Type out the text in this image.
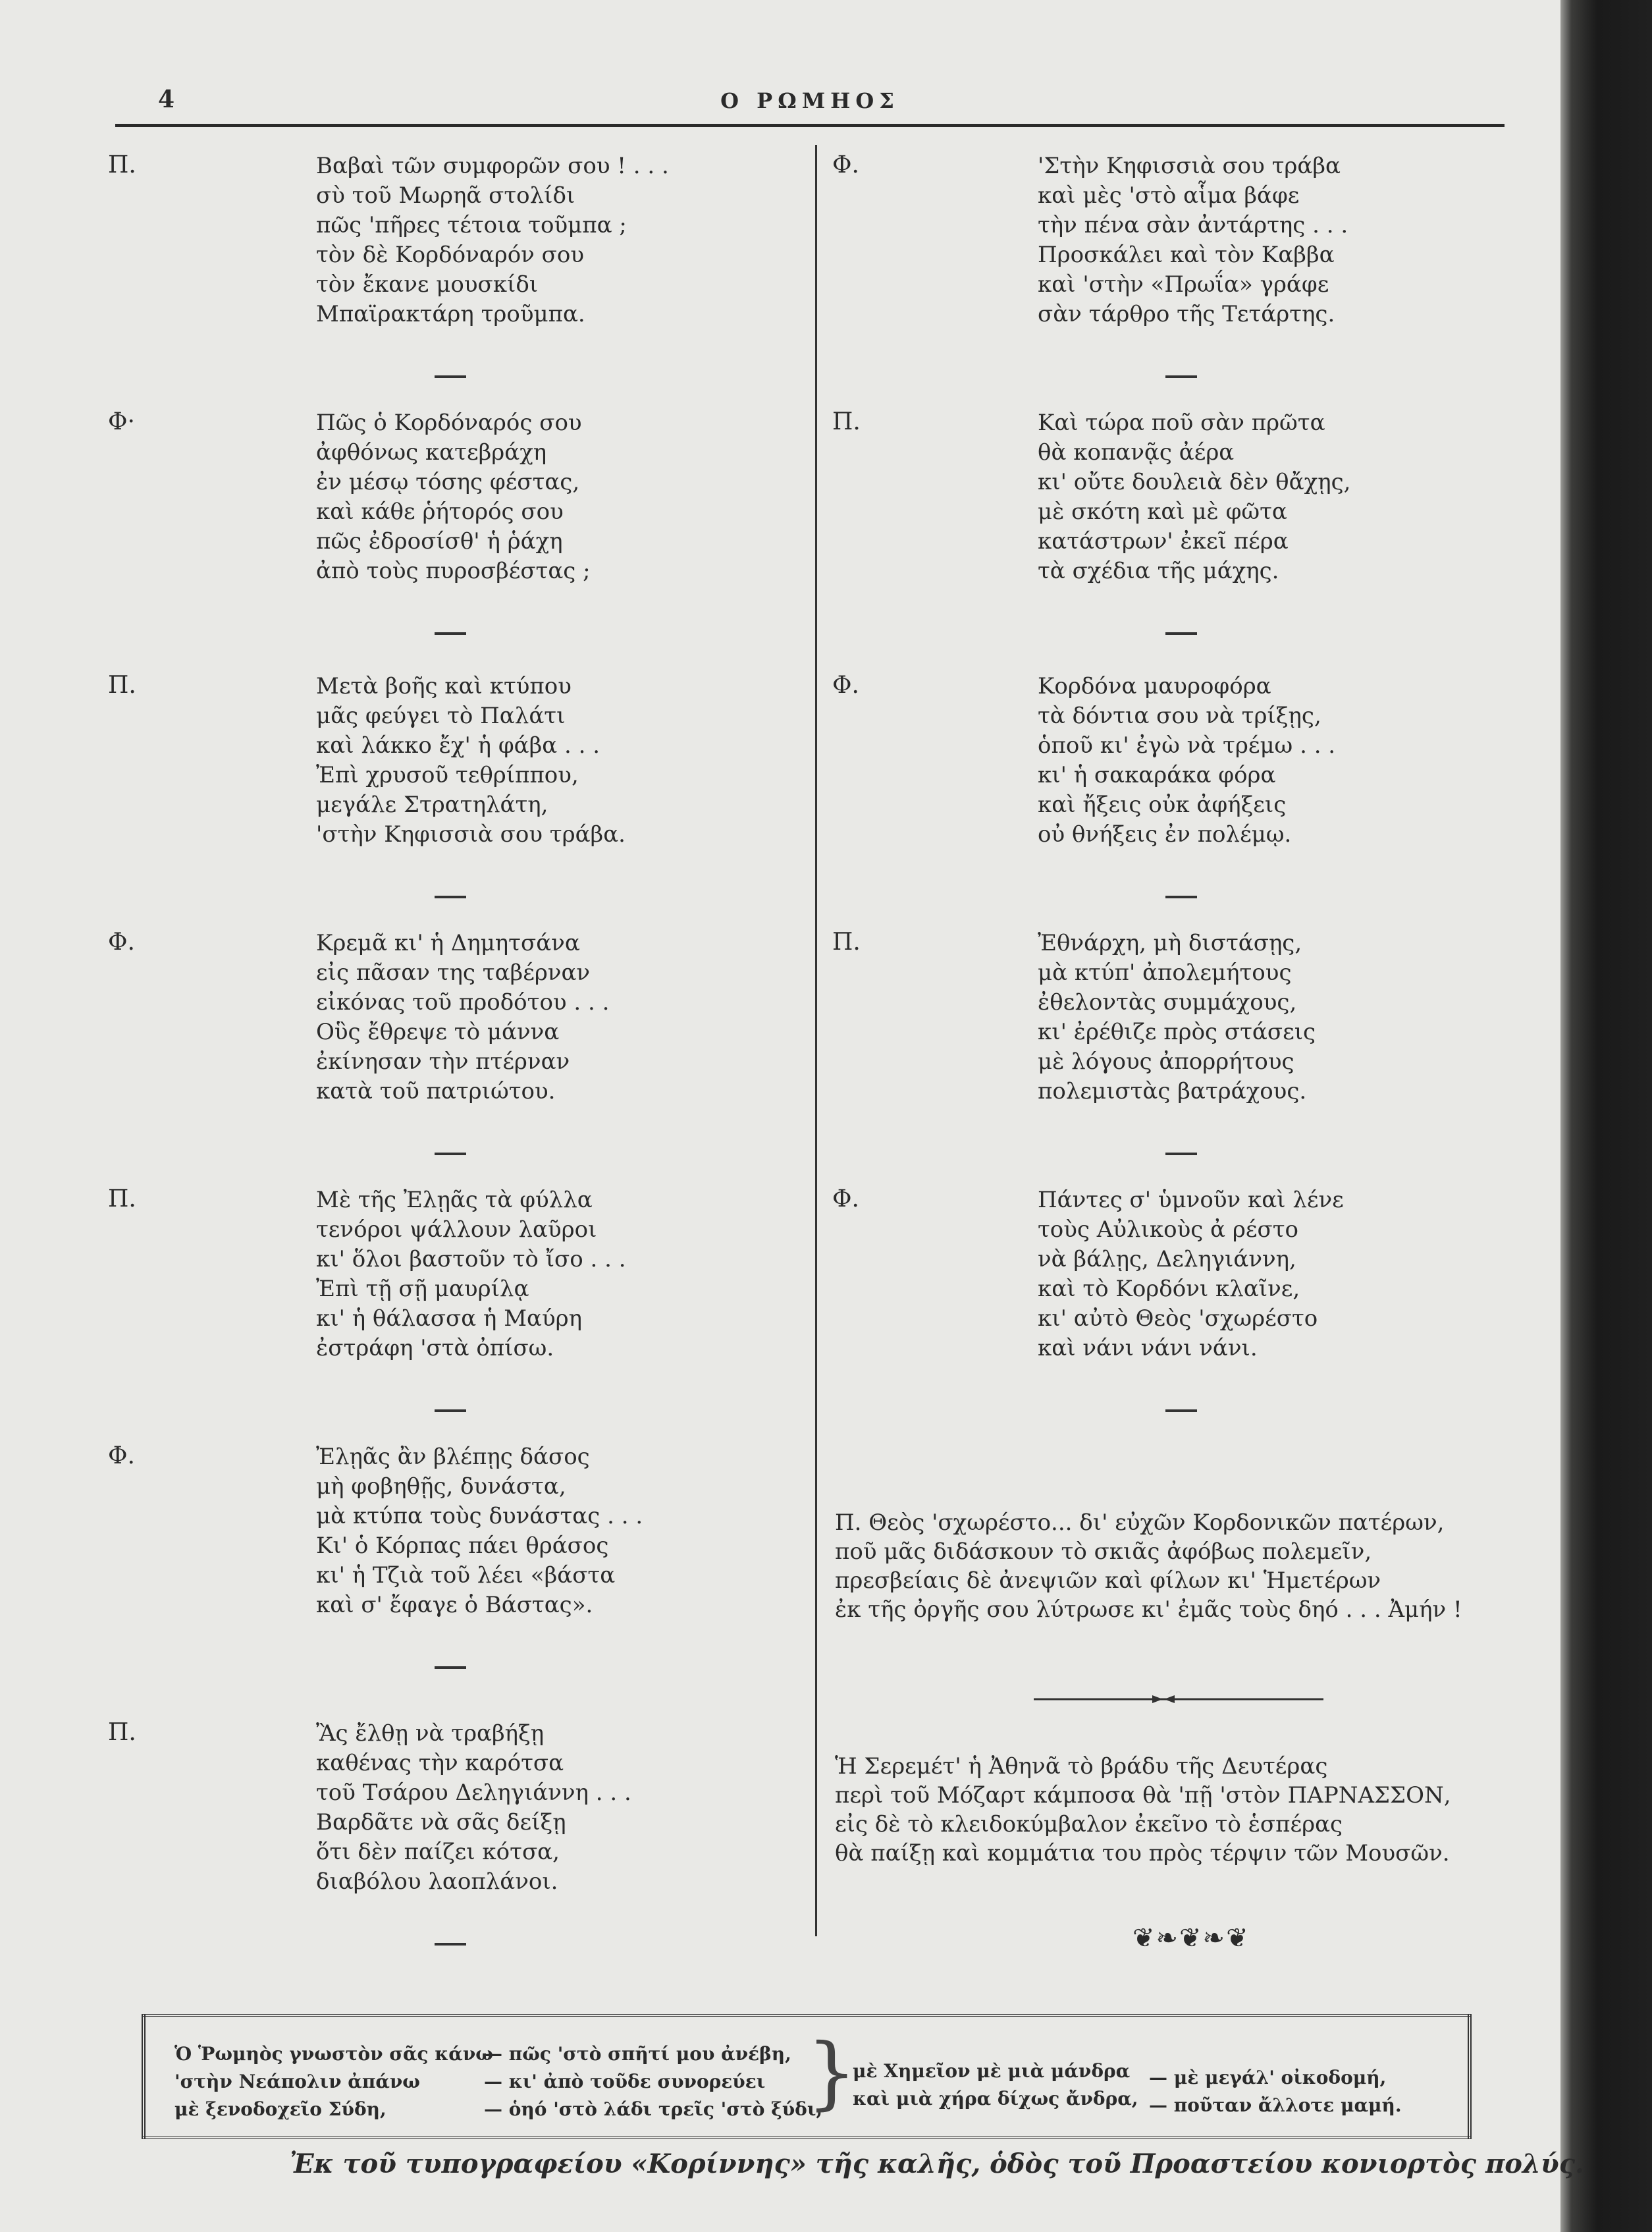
4	Ο ΡΩΜΗΟΣ
Π.	Βαβαὶ τῶν συμφορῶν σου ! . . .
σὺ τοῦ Μωρηᾶ στολίδι
πῶς 'πῆρες τέτοια τοῦμπα ;
τὸν δὲ Κορδόναρόν σου
τὸν ἔκανε μουσκίδι
Μπαϊρακτάρη τροῦμπα.
Φ·	Πῶς ὁ Κορδόναρός σου
ἀφθόνως κατεβράχη
ἐν μέσῳ τόσης φέστας,
καὶ κάθε ῥήτορός σου
πῶς ἐδροσίσθ' ἡ ῥάχη
ἀπὸ τοὺς πυροσβέστας ;
Π.	Μετὰ βοῆς καὶ κτύπου
μᾶς φεύγει τὸ Παλάτι
καὶ λάκκο ἔχ' ἡ φάβα . . .
Ἐπὶ χρυσοῦ τεθρίππου,
μεγάλε Στρατηλάτη,
'στὴν Κηφισσιὰ σου τράβα.
Φ.	Κρεμᾶ κι' ἡ Δημητσάνα
εἰς πᾶσαν της ταβέρναν
εἰκόνας τοῦ προδότου . . .
Οὓς ἔθρεψε τὸ μάννα
ἐκίνησαν τὴν πτέρναν
κατὰ τοῦ πατριώτου.
Π.	Μὲ τῆς Ἐλῃᾶς τὰ φύλλα
τενόροι ψάλλουν λαῦροι
κι' ὅλοι βαστοῦν τὸ ἴσο . . .
Ἐπὶ τῇ σῇ μαυρίλᾳ
κι' ἡ θάλασσα ἡ Μαύρη
ἐστράφη 'στὰ ὀπίσω.
Φ.	Ἐλῃᾶς ἂν βλέπῃς δάσος
μὴ φοβηθῇς, δυνάστα,
μὰ κτύπα τοὺς δυνάστας . . .
Κι' ὁ Κόρπας πάει θράσος
κι' ἡ Τζιὰ τοῦ λέει «βάστα
καὶ σ' ἔφαγε ὁ Βάστας».
Π.	Ἂς ἔλθῃ νὰ τραβήξῃ
καθένας τὴν καρότσα
τοῦ Τσάρου Δεληγιάννη . . .
Βαρδᾶτε νὰ σᾶς δείξῃ
ὅτι δὲν παίζει κότσα,
διαβόλου λαοπλάνοι.
Φ.	'Στὴν Κηφισσιὰ σου τράβα
καὶ μὲς 'στὸ αἷμα βάφε
τὴν πένα σὰν ἀντάρτης . . .
Προσκάλει καὶ τὸν Καββα
καὶ 'στὴν «Πρωΐα» γράφε
σὰν τάρθρο τῆς Τετάρτης.
Π.	Καὶ τώρα ποῦ σὰν πρῶτα
θὰ κοπανᾷς ἀέρα
κι' οὔτε δουλειὰ δὲν θἄχῃς,
μὲ σκότη καὶ μὲ φῶτα
κατάστρων' ἐκεῖ πέρα
τὰ σχέδια τῆς μάχης.
Φ.	Κορδόνα μαυροφόρα
τὰ δόντια σου νὰ τρίξῃς,
ὁποῦ κι' ἐγὼ νὰ τρέμω . . .
κι' ἡ σακαράκα φόρα
καὶ ἤξεις οὐκ ἀφήξεις
οὐ θνήξεις ἐν πολέμῳ.
Π.	Ἐθνάρχη, μὴ διστάσῃς,
μὰ κτύπ' ἀπολεμήτους
ἐθελοντὰς συμμάχους,
κι' ἐρέθιζε πρὸς στάσεις
μὲ λόγους ἀπορρήτους
πολεμιστὰς βατράχους.
Φ.	Πάντες σ' ὑμνοῦν καὶ λένε
τοὺς Αὐλικοὺς ἀ ρέστο
νὰ βάλῃς, Δεληγιάννη,
καὶ τὸ Κορδόνι κλαῖνε,
κι' αὐτὸ Θεὸς 'σχωρέστο
καὶ νάνι νάνι νάνι.
Π. Θεὸς 'σχωρέστο... δι' εὐχῶν Κορδονικῶν πατέρων,
ποῦ μᾶς διδάσκουν τὸ σκιᾶς ἀφόβως πολεμεῖν,
πρεσβείαις δὲ ἀνεψιῶν καὶ φίλων κι' Ἡμετέρων
ἐκ τῆς ὀργῆς σου λύτρωσε κι' ἐμᾶς τοὺς δηό . . . Ἀμήν !
Ἡ Σερεμέτ' ἡ Ἀθηνᾶ τὸ βράδυ τῆς Δευτέρας
περὶ τοῦ Μόζαρτ κάμποσα θὰ 'πῇ 'στὸν ΠΑΡΝΑΣΣΟΝ,
εἰς δὲ τὸ κλειδοκύμβαλον ἐκεῖνο τὸ ἑσπέρας
θὰ παίξῃ καὶ κομμάτια του πρὸς τέρψιν τῶν Μουσῶν.
❦❧❦❧❦
}
Ὁ Ῥωμηὸς γνωστὸν σᾶς κάνω
'στὴν Νεάπολιν ἀπάνω
μὲ ξενοδοχεῖο Σύδη,
— πῶς 'στὸ σπῆτί μου ἀνέβη,
— κι' ἀπὸ τοῦδε συνορεύει
— ὁηό 'στὸ λάδι τρεῖς 'στὸ ξύδι,
μὲ Χημεῖον μὲ μιὰ μάνδρα
καὶ μιὰ χήρα δίχως ἄνδρα,
— μὲ μεγάλ' οἰκοδομή,
— ποῦταν ἄλλοτε μαμή.
Ἐκ τοῦ τυπογραφείου «Κορίννης» τῆς καλῆς, ὁδὸς τοῦ Προαστείου κονιορτὸς πολύς.
